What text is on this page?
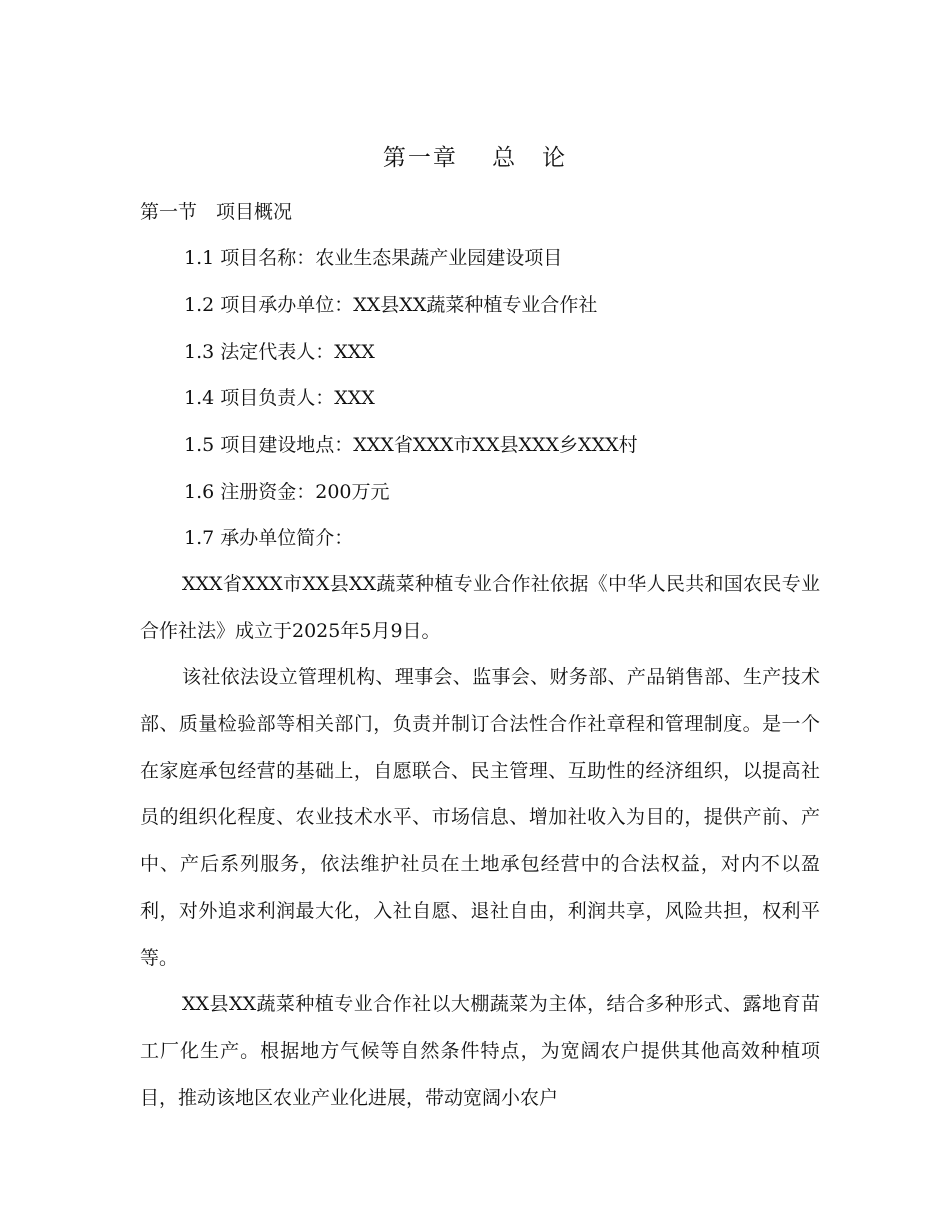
第一章　 总　论
第一节　项目概况
1.1 项目名称：农业生态果蔬产业园建设项目
1.2 项目承办单位：XX县XX蔬菜种植专业合作社
1.3 法定代表人：XXX
1.4 项目负责人：XXX
1.5 项目建设地点：XXX省XXX市XX县XXX乡XXX村
1.6 注册资金：200万元
1.7 承办单位简介：

XXX省XXX市XX县XX蔬菜种植专业合作社依据《中华人民共和国农民专业合作社法》成立于2025年5月9日。

该社依法设立管理机构、理事会、监事会、财务部、产品销售部、生产技术部、质量检验部等相关部门，负责并制订合法性合作社章程和管理制度。是一个在家庭承包经营的基础上，自愿联合、民主管理、互助性的经济组织，以提高社员的组织化程度、农业技术水平、市场信息、增加社收入为目的，提供产前、产中、产后系列服务，依法维护社员在土地承包经营中的合法权益，对内不以盈利，对外追求利润最大化，入社自愿、退社自由，利润共享，风险共担，权利平等。

XX县XX蔬菜种植专业合作社以大棚蔬菜为主体，结合多种形式、露地育苗工厂化生产。根据地方气候等自然条件特点，为宽阔农户提供其他高效种植项目，推动该地区农业产业化进展，带动宽阔小农户
